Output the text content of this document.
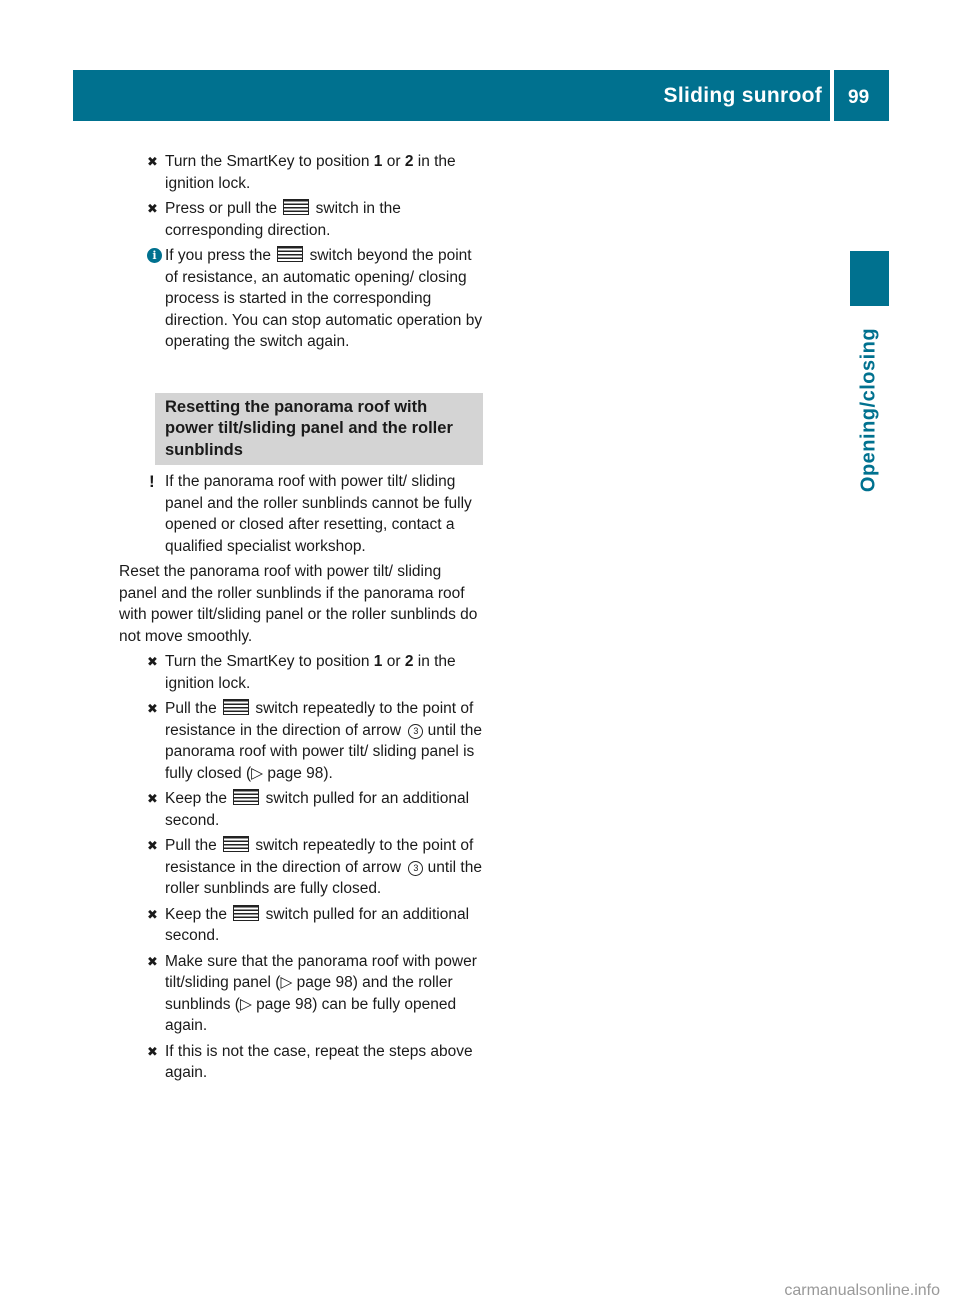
Sliding sunroof 99
Opening/closing
✖ Turn the SmartKey to position 1 or 2 in the ignition lock.
✖ Press or pull the  switch in the corresponding direction.
i If you press the  switch beyond the point of resistance, an automatic opening/ closing process is started in the corresponding direction. You can stop automatic operation by operating the switch again.
Resetting the panorama roof with power tilt/sliding panel and the roller sunblinds
! If the panorama roof with power tilt/ sliding panel and the roller sunblinds cannot be fully opened or closed after resetting, contact a qualified specialist workshop.
Reset the panorama roof with power tilt/ sliding panel and the roller sunblinds if the panorama roof with power tilt/sliding panel or the roller sunblinds do not move smoothly.
✖ Turn the SmartKey to position 1 or 2 in the ignition lock.
✖ Pull the  switch repeatedly to the point of resistance in the direction of arrow 3 until the panorama roof with power tilt/ sliding panel is fully closed (▷ page 98).
✖ Keep the  switch pulled for an additional second.
✖ Pull the  switch repeatedly to the point of resistance in the direction of arrow 3 until the roller sunblinds are fully closed.
✖ Keep the  switch pulled for an additional second.
✖ Make sure that the panorama roof with power tilt/sliding panel (▷ page 98) and the roller sunblinds (▷ page 98) can be fully opened again.
✖ If this is not the case, repeat the steps above again.
carmanualsonline.info
